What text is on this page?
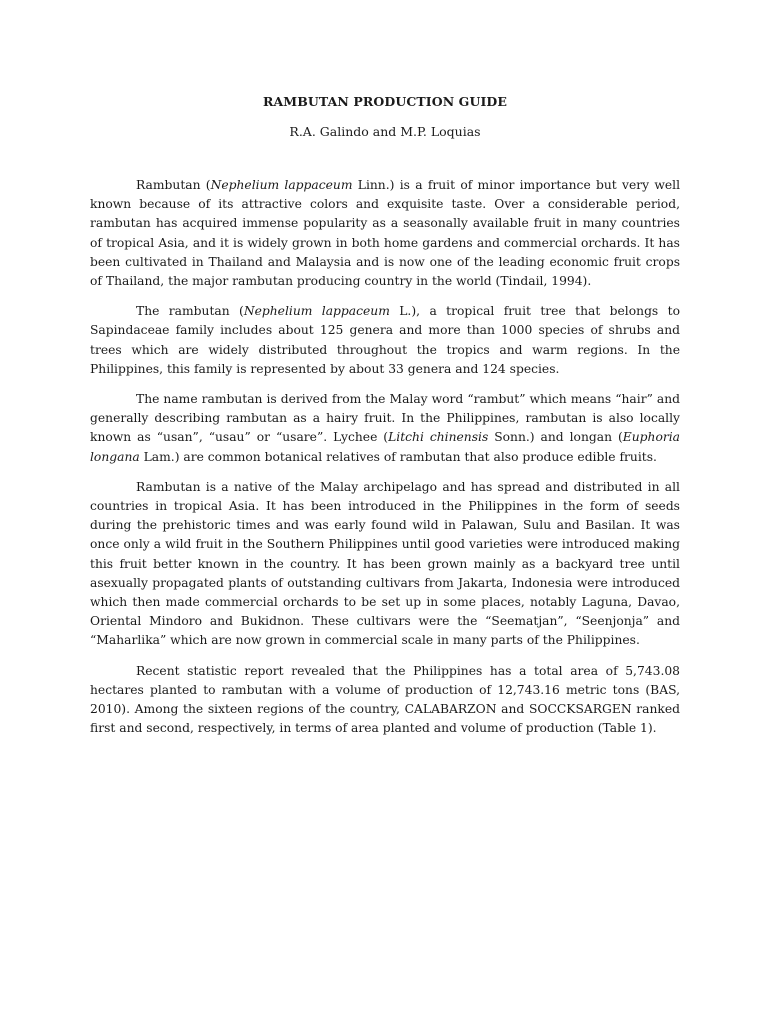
RAMBUTAN PRODUCTION GUIDE
R.A. Galindo and M.P. Loquias

Rambutan (Nephelium lappaceum Linn.) is a fruit of minor importance but very well known because of its attractive colors and exquisite taste. Over a considerable period, rambutan has acquired immense popularity as a seasonally available fruit in many countries of tropical Asia, and it is widely grown in both home gardens and commercial orchards. It has been cultivated in Thailand and Malaysia and is now one of the leading economic fruit crops of Thailand, the major rambutan producing country in the world (Tindail, 1994).

The rambutan (Nephelium lappaceum L.), a tropical fruit tree that belongs to Sapindaceae family includes about 125 genera and more than 1000 species of shrubs and trees which are widely distributed throughout the tropics and warm regions. In the Philippines, this family is represented by about 33 genera and 124 species.

The name rambutan is derived from the Malay word “rambut” which means “hair” and generally describing rambutan as a hairy fruit. In the Philippines, rambutan is also locally known as “usan”, “usau” or “usare”. Lychee (Litchi chinensis Sonn.) and longan (Euphoria longana Lam.) are common botanical relatives of rambutan that also produce edible fruits.

Rambutan is a native of the Malay archipelago and has spread and distributed in all countries in tropical Asia. It has been introduced in the Philippines in the form of seeds during the prehistoric times and was early found wild in Palawan, Sulu and Basilan. It was once only a wild fruit in the Southern Philippines until good varieties were introduced making this fruit better known in the country. It has been grown mainly as a backyard tree until asexually propagated plants of outstanding cultivars from Jakarta, Indonesia were introduced which then made commercial orchards to be set up in some places, notably Laguna, Davao, Oriental Mindoro and Bukidnon. These cultivars were the “Seematjan”, “Seenjonja” and “Maharlika” which are now grown in commercial scale in many parts of the Philippines.

Recent statistic report revealed that the Philippines has a total area of 5,743.08 hectares planted to rambutan with a volume of production of 12,743.16 metric tons (BAS, 2010). Among the sixteen regions of the country, CALABARZON and SOCCKSARGEN ranked first and second, respectively, in terms of area planted and volume of production (Table 1).
